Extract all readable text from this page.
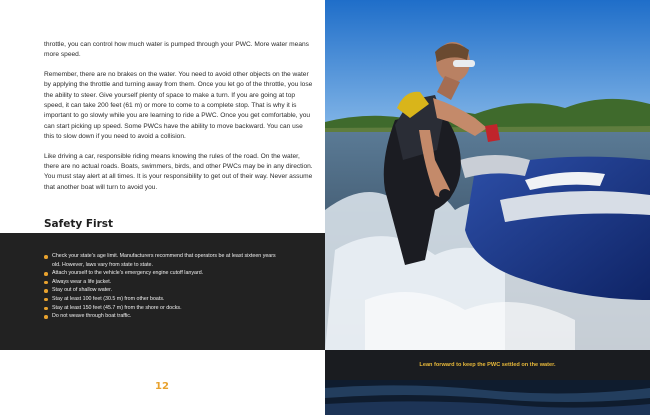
throttle, you can control how much water is pumped through your PWC. More water means more speed.

Remember, there are no brakes on the water. You need to avoid other objects on the water by applying the throttle and turning away from them. Once you let go of the throttle, you lose the ability to steer. Give yourself plenty of space to make a turn. If you are going at top speed, it can take 200 feet (61 m) or more to come to a complete stop. That is why it is important to go slowly while you are learning to ride a PWC. Once you get comfortable, you can start picking up speed. Some PWCs have the ability to move backward. You can use this to slow down if you need to avoid a collision.

Like driving a car, responsible riding means knowing the rules of the road. On the water, there are no actual roads. Boats, swimmers, birds, and other PWCs may be in any direction. You must stay alert at all times. It is your responsibility to get out of their way. Never assume that another boat will turn to avoid you.

Safety First
Check your state’s age limit. Manufacturers recommend that operators be at least sixteen years old. However, laws vary from state to state.
Attach yourself to the vehicle’s emergency engine cutoff lanyard.
Always wear a life jacket.
Stay out of shallow water.
Stay at least 100 feet (30.5 m) from other boats.
Stay at least 150 feet (45.7 m) from the shore or docks.
Do not weave through boat traffic.
12
Lean forward to keep the PWC settled on the water.
